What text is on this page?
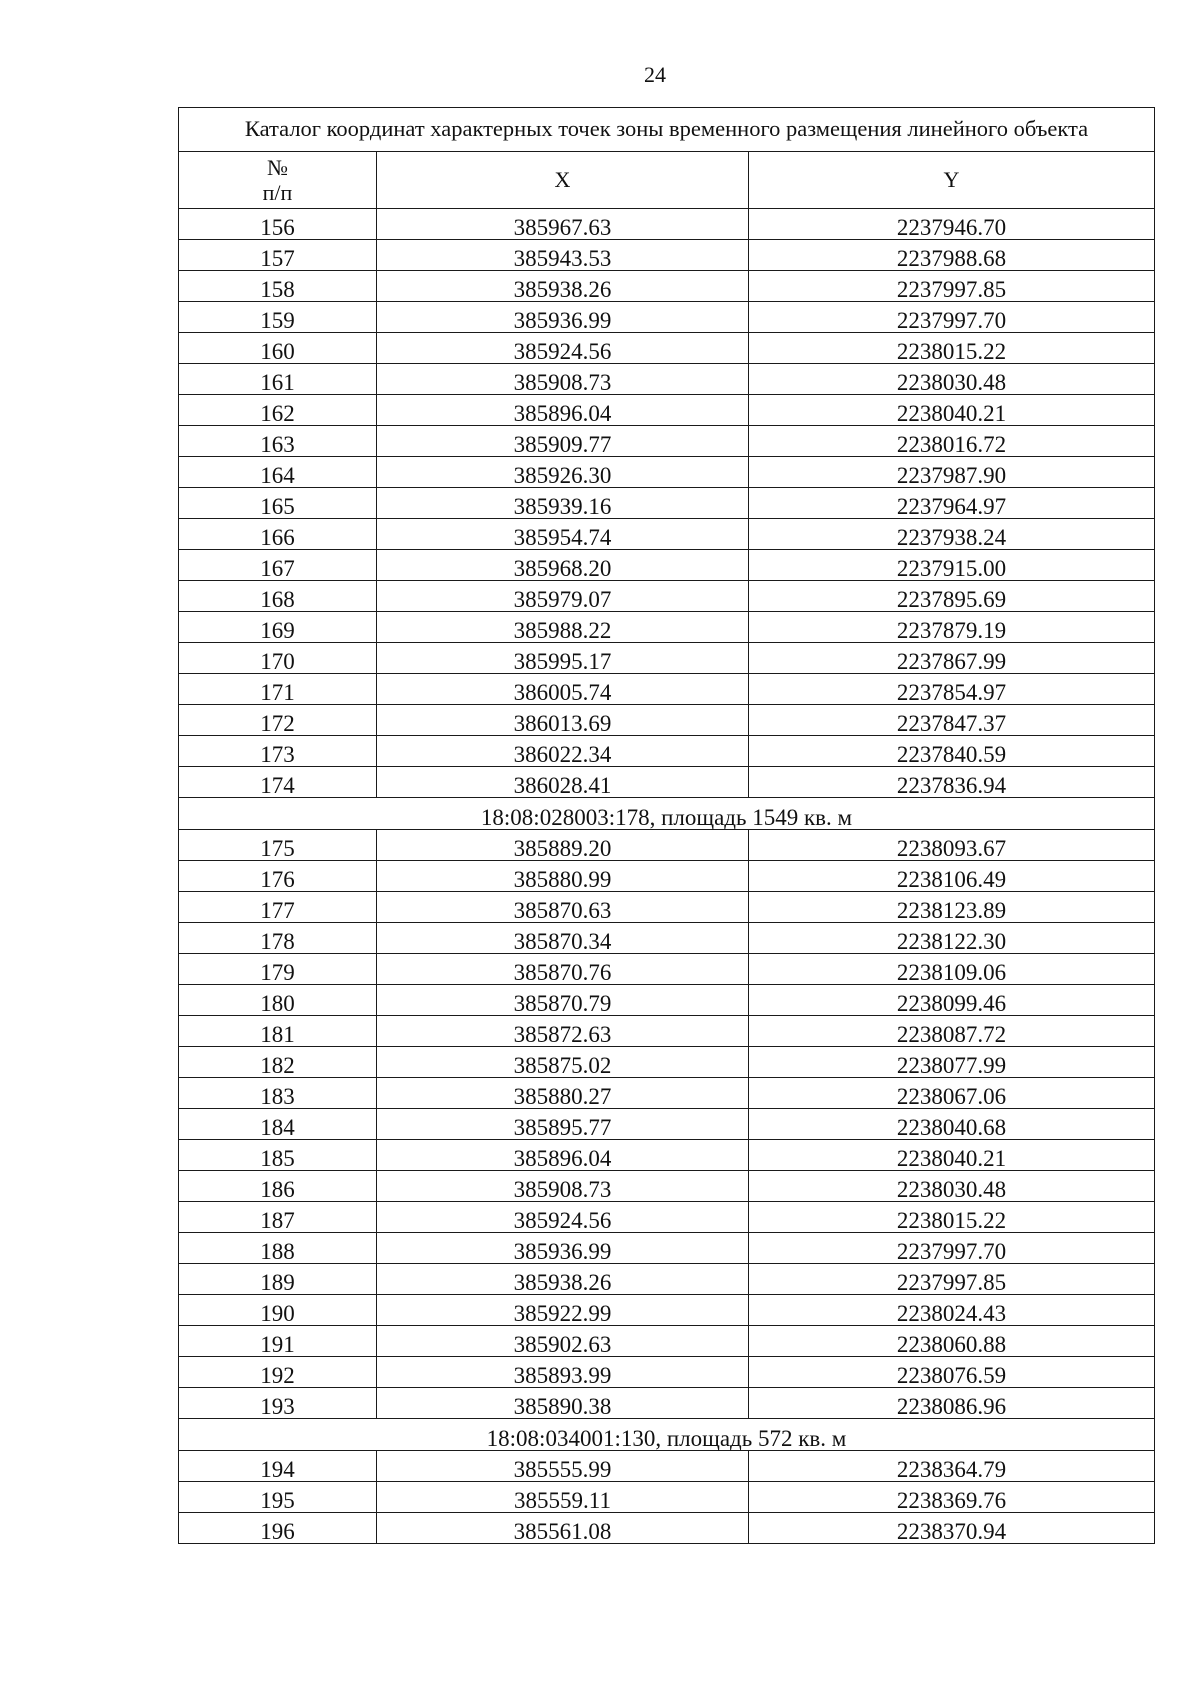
24
Каталог координат характерных точек зоны временного размещения линейного объекта		
№
п/п	X	Y
156	385967.63	2237946.70
157	385943.53	2237988.68
158	385938.26	2237997.85
159	385936.99	2237997.70
160	385924.56	2238015.22
161	385908.73	2238030.48
162	385896.04	2238040.21
163	385909.77	2238016.72
164	385926.30	2237987.90
165	385939.16	2237964.97
166	385954.74	2237938.24
167	385968.20	2237915.00
168	385979.07	2237895.69
169	385988.22	2237879.19
170	385995.17	2237867.99
171	386005.74	2237854.97
172	386013.69	2237847.37
173	386022.34	2237840.59
174	386028.41	2237836.94
18:08:028003:178, площадь 1549 кв. м		
175	385889.20	2238093.67
176	385880.99	2238106.49
177	385870.63	2238123.89
178	385870.34	2238122.30
179	385870.76	2238109.06
180	385870.79	2238099.46
181	385872.63	2238087.72
182	385875.02	2238077.99
183	385880.27	2238067.06
184	385895.77	2238040.68
185	385896.04	2238040.21
186	385908.73	2238030.48
187	385924.56	2238015.22
188	385936.99	2237997.70
189	385938.26	2237997.85
190	385922.99	2238024.43
191	385902.63	2238060.88
192	385893.99	2238076.59
193	385890.38	2238086.96
18:08:034001:130, площадь 572 кв. м		
194	385555.99	2238364.79
195	385559.11	2238369.76
196	385561.08	2238370.94
